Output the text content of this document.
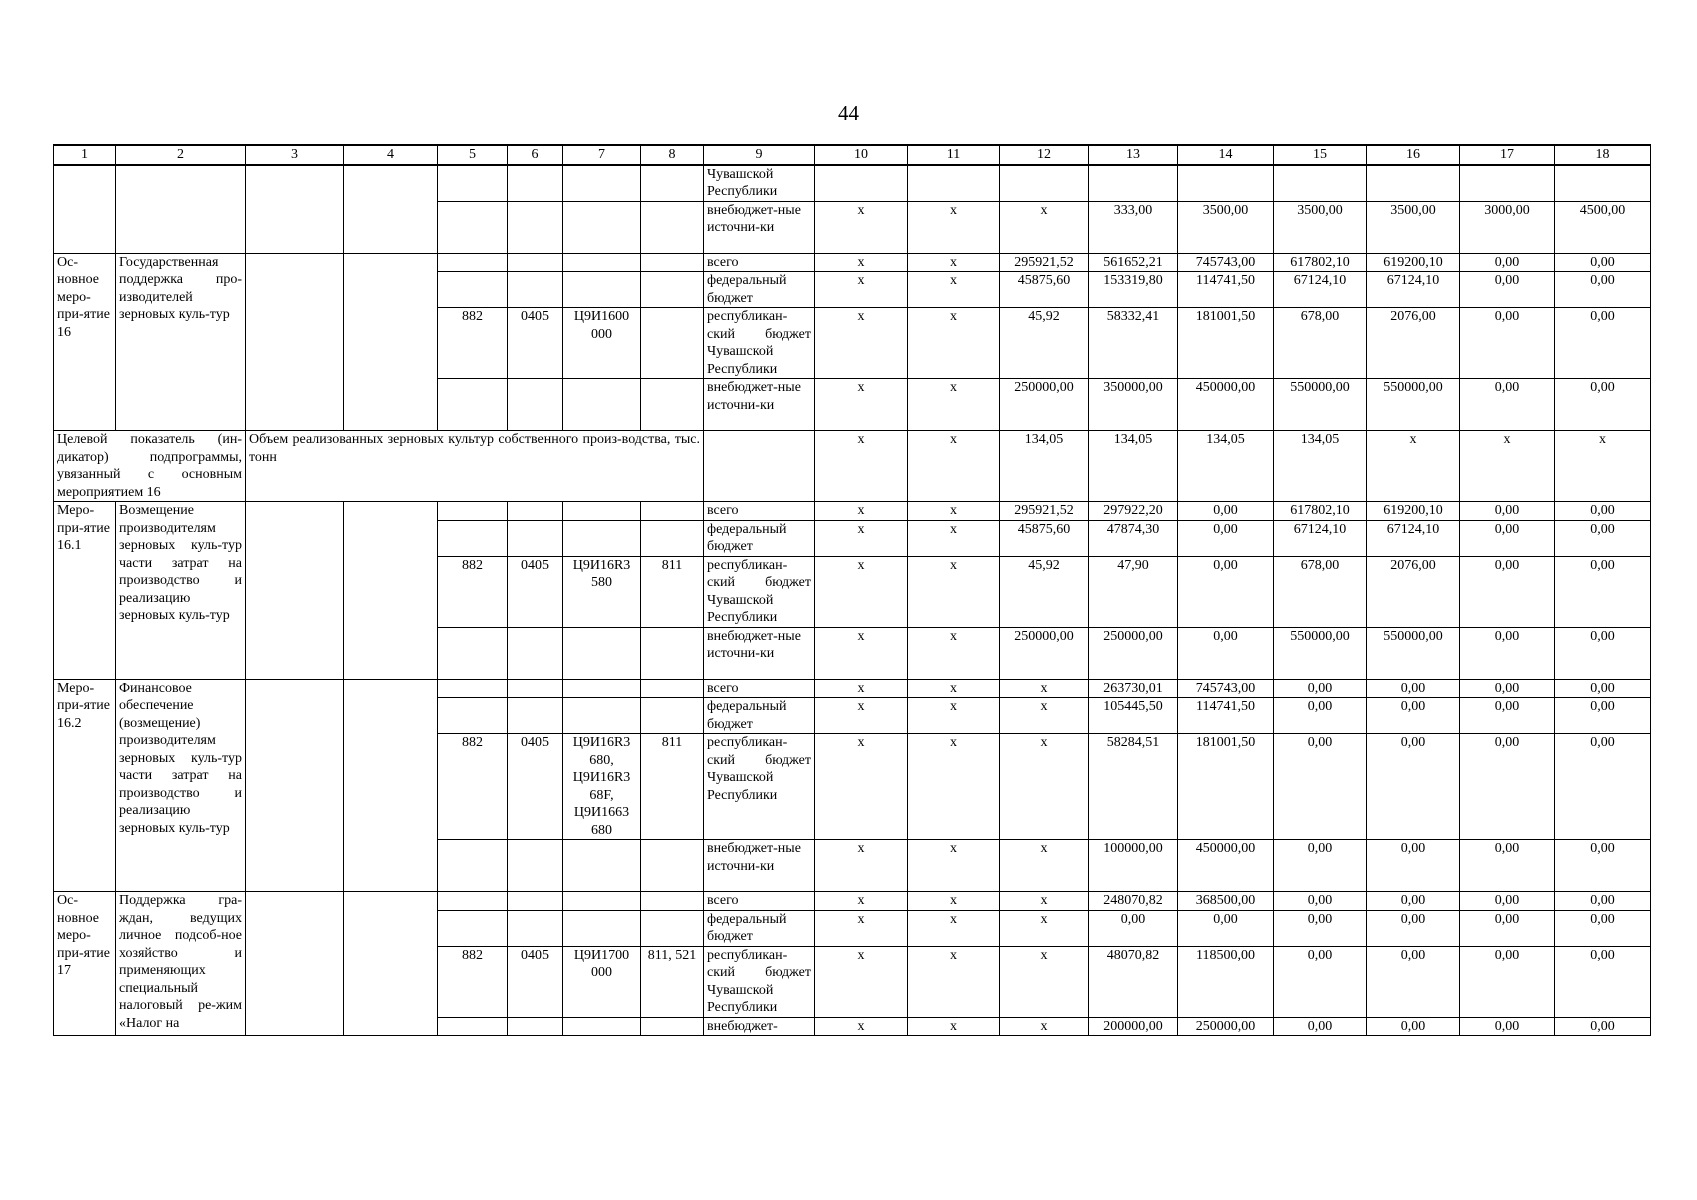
44
1	2	3	4	5	6	7	8	9	10	11	12	13	14	15	16	17	18
								Чувашской Республики									
								внебюджет-ные источни-ки	x	x	x	333,00	3500,00	3500,00	3500,00	3000,00	4500,00
Ос-новное меро-при-ятие 16	Государственная поддержка про-изводителей зерновых куль-тур							всего	x	x	295921,52	561652,21	745743,00	617802,10	619200,10	0,00	0,00
								федеральный бюджет	x	x	45875,60	153319,80	114741,50	67124,10	67124,10	0,00	0,00
				882	0405	Ц9И1600 000		республикан-ский бюджет Чувашской Республики	x	x	45,92	58332,41	181001,50	678,00	2076,00	0,00	0,00
								внебюджет-ные источни-ки	x	x	250000,00	350000,00	450000,00	550000,00	550000,00	0,00	0,00
Целевой показатель (ин-дикатор) подпрограммы, увязанный с основным мероприятием 16		Объем реализованных зерновых культур собственного произ-водства, тыс. тонн							x	x	134,05	134,05	134,05	134,05	x	x	x
Меро-при-ятие 16.1	Возмещение производителям зерновых куль-тур части затрат на производство и реализацию зерновых куль-тур							всего	x	x	295921,52	297922,20	0,00	617802,10	619200,10	0,00	0,00
								федеральный бюджет	x	x	45875,60	47874,30	0,00	67124,10	67124,10	0,00	0,00
				882	0405	Ц9И16R3 580	811	республикан-ский бюджет Чувашской Республики	x	x	45,92	47,90	0,00	678,00	2076,00	0,00	0,00
								внебюджет-ные источни-ки	x	x	250000,00	250000,00	0,00	550000,00	550000,00	0,00	0,00
Меро-при-ятие 16.2	Финансовое обеспечение (возмещение) производителям зерновых куль-тур части затрат на производство и реализацию зерновых куль-тур							всего	x	x	x	263730,01	745743,00	0,00	0,00	0,00	0,00
								федеральный бюджет	x	x	x	105445,50	114741,50	0,00	0,00	0,00	0,00
				882	0405	Ц9И16R3 680, Ц9И16R3 68F, Ц9И1663 680	811	республикан-ский бюджет Чувашской Республики	x	x	x	58284,51	181001,50	0,00	0,00	0,00	0,00
								внебюджет-ные источни-ки	x	x	x	100000,00	450000,00	0,00	0,00	0,00	0,00
Ос-новное меро-при-ятие 17	Поддержка гра-ждан, ведущих личное подсоб-ное хозяйство и применяющих специальный налоговый ре-жим «Налог на							всего	x	x	x	248070,82	368500,00	0,00	0,00	0,00	0,00
								федеральный бюджет	x	x	x	0,00	0,00	0,00	0,00	0,00	0,00
				882	0405	Ц9И1700 000	811, 521	республикан-ский бюджет Чувашской Республики	x	x	x	48070,82	118500,00	0,00	0,00	0,00	0,00
								внебюджет-	x	x	x	200000,00	250000,00	0,00	0,00	0,00	0,00
